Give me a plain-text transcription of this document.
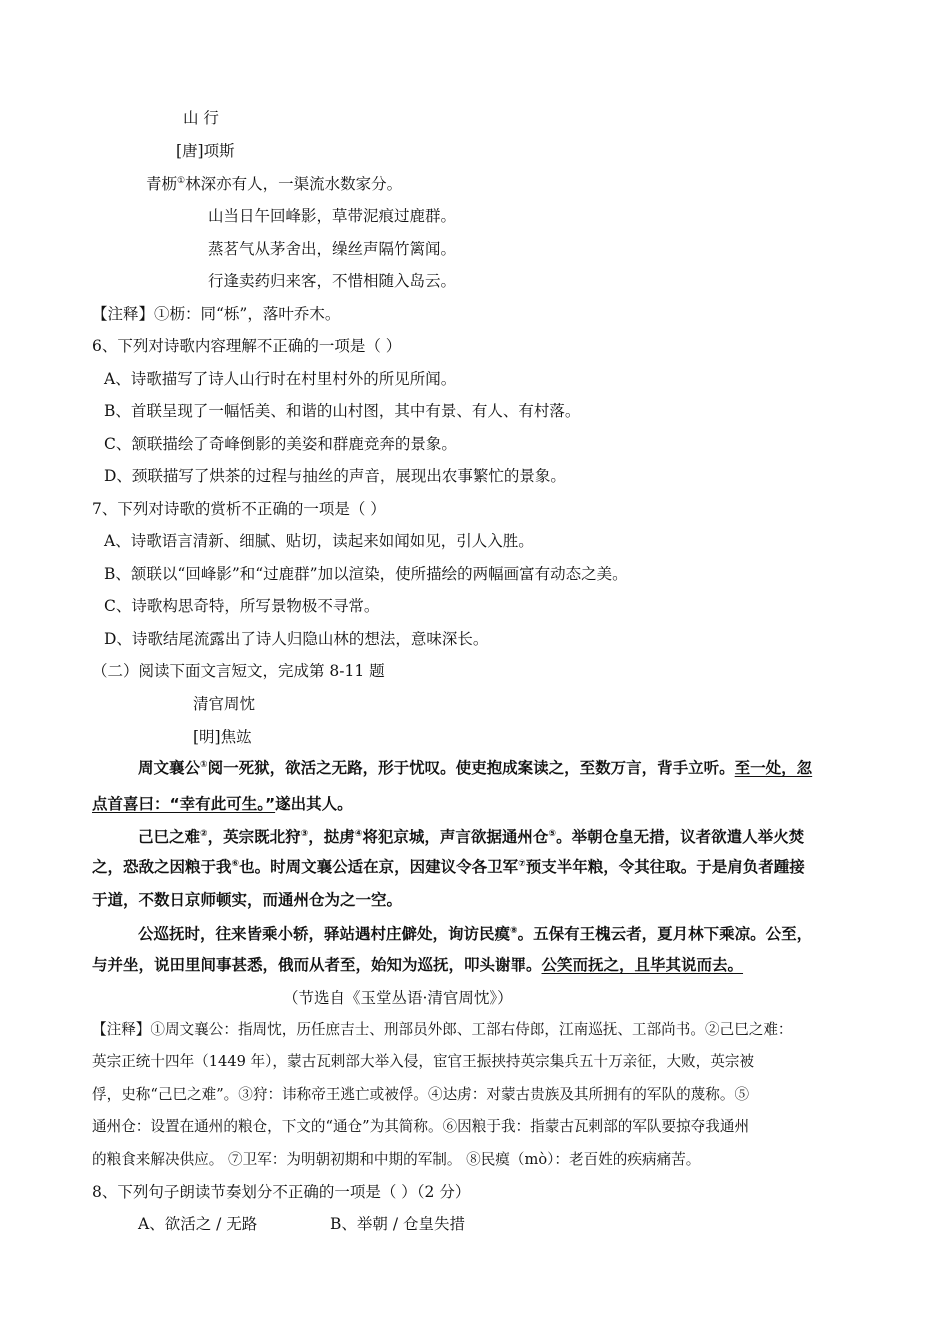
山 行
[唐]项斯
青枥①林深亦有人，一渠流水数家分。
山当日午回峰影，草带泥痕过鹿群。
蒸茗气从茅舍出，缲丝声隔竹篱闻。
行逢卖药归来客，不惜相随入岛云。
【注释】①枥：同“栎”，落叶乔木。
6、下列对诗歌内容理解不正确的一项是（ ）
A、诗歌描写了诗人山行时在村里村外的所见所闻。
B、首联呈现了一幅恬美、和谐的山村图，其中有景、有人、有村落。
C、颔联描绘了奇峰倒影的美姿和群鹿竞奔的景象。
D、颈联描写了烘茶的过程与抽丝的声音，展现出农事繁忙的景象。
7、下列对诗歌的赏析不正确的一项是（ ）
A、诗歌语言清新、细腻、贴切，读起来如闻如见，引人入胜。
B、颔联以“回峰影”和“过鹿群”加以渲染，使所描绘的两幅画富有动态之美。
C、诗歌构思奇特，所写景物极不寻常。
D、诗歌结尾流露出了诗人归隐山林的想法，意味深长。
（二）阅读下面文言短文，完成第 8-11 题
清官周忱
[明]焦竑
周文襄公①阅一死狱，欲活之无路，形于忧叹。使吏抱成案读之，至数万言，背手立听。至一处，忽
点首喜曰：“幸有此可生。”遂出其人。
己巳之难②，英宗既北狩③，挞虏④将犯京城，声言欲据通州仓⑤。举朝仓皇无措，议者欲遣人举火焚
之，恐敌之因粮于我⑥也。时周文襄公适在京，因建议令各卫军⑦预支半年粮，令其往取。于是肩负者踵接
于道，不数日京师顿实，而通州仓为之一空。
公巡抚时，往来皆乘小轿，驿站遇村庄僻处，询访民瘼⑧。五保有王槐云者，夏月林下乘凉。公至，
与并坐，说田里间事甚悉，俄而从者至，始知为巡抚，叩头谢罪。公笑而抚之，且毕其说而去。
（节选自《玉堂丛语·清官周忱》）
【注释】①周文襄公：指周忱，历任庶吉士、刑部员外郎、工部右侍郎，江南巡抚、工部尚书。②己巳之难：
英宗正统十四年（1449 年），蒙古瓦剌部大举入侵，宦官王振挟持英宗集兵五十万亲征，大败，英宗被
俘，史称“己巳之难”。③狩：讳称帝王逃亡或被俘。④达虏：对蒙古贵族及其所拥有的军队的蔑称。⑤
通州仓：设置在通州的粮仓，下文的“通仓”为其简称。⑥因粮于我：指蒙古瓦剌部的军队要掠夺我通州
的粮食来解决供应。 ⑦卫军：为明朝初期和中期的军制。 ⑧民瘼（mò）：老百姓的疾病痛苦。
8、下列句子朗读节奏划分不正确的一项是（ ）（2 分）
A、欲活之 / 无路	B、举朝 / 仓皇失措
